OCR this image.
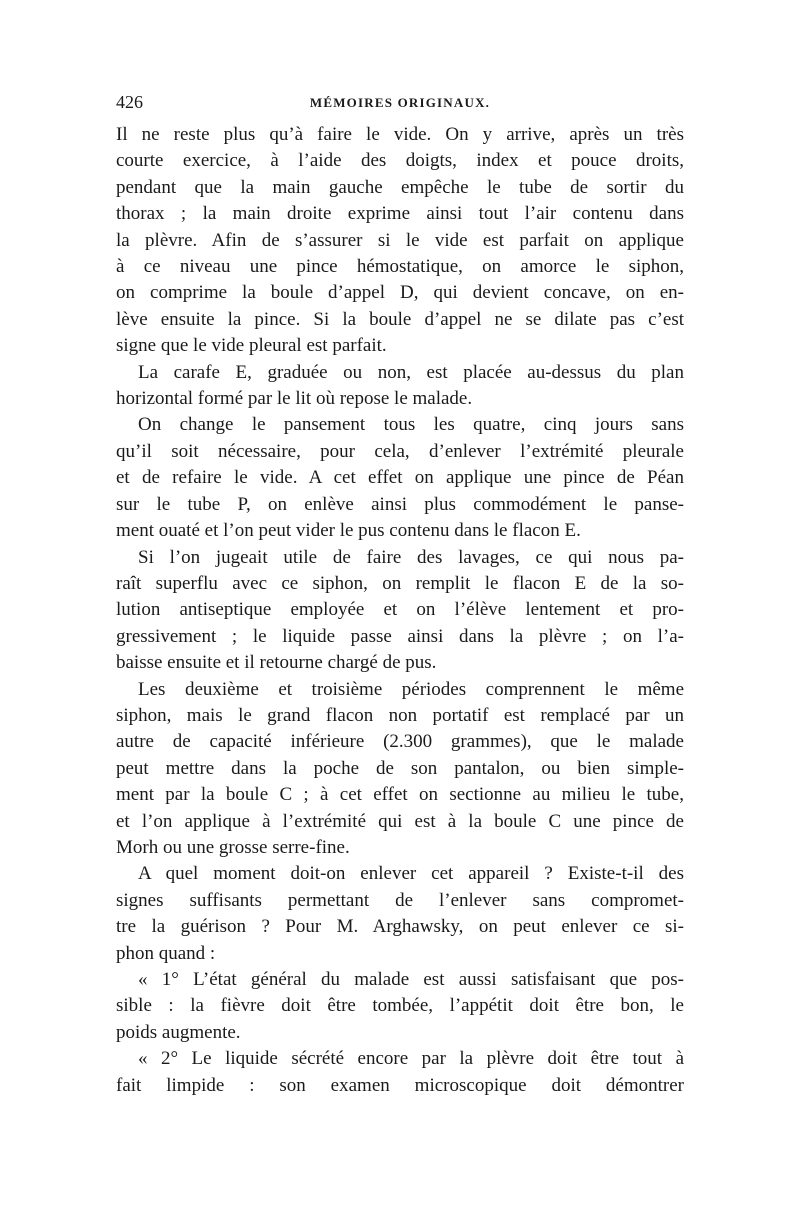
426	MÉMOIRES ORIGINAUX.
Il ne reste plus qu’à faire le vide. On y arrive, après un très
courte exercice, à l’aide des doigts, index et pouce droits,
pendant que la main gauche empêche le tube de sortir du
thorax ; la main droite exprime ainsi tout l’air contenu dans
la plèvre. Afin de s’assurer si le vide est parfait on applique
à ce niveau une pince hémostatique, on amorce le siphon,
on comprime la boule d’appel D, qui devient concave, on en-
lève ensuite la pince. Si la boule d’appel ne se dilate pas c’est
signe que le vide pleural est parfait.
La carafe E, graduée ou non, est placée au-dessus du plan
horizontal formé par le lit où repose le malade.
On change le pansement tous les quatre, cinq jours sans
qu’il soit nécessaire, pour cela, d’enlever l’extrémité pleurale
et de refaire le vide. A cet effet on applique une pince de Péan
sur le tube P, on enlève ainsi plus commodément le panse-
ment ouaté et l’on peut vider le pus contenu dans le flacon E.
Si l’on jugeait utile de faire des lavages, ce qui nous pa-
raît superflu avec ce siphon, on remplit le flacon E de la so-
lution antiseptique employée et on l’élève lentement et pro-
gressivement ; le liquide passe ainsi dans la plèvre ; on l’a-
baisse ensuite et il retourne chargé de pus.
Les deuxième et troisième périodes comprennent le même
siphon, mais le grand flacon non portatif est remplacé par un
autre de capacité inférieure (2.300 grammes), que le malade
peut mettre dans la poche de son pantalon, ou bien simple-
ment par la boule C ; à cet effet on sectionne au milieu le tube,
et l’on applique à l’extrémité qui est à la boule C une pince de
Morh ou une grosse serre-fine.
A quel moment doit-on enlever cet appareil ? Existe-t-il des
signes suffisants permettant de l’enlever sans compromet-
tre la guérison ? Pour M. Arghawsky, on peut enlever ce si-
phon quand :
« 1° L’état général du malade est aussi satisfaisant que pos-
sible : la fièvre doit être tombée, l’appétit doit être bon, le
poids augmente.
« 2° Le liquide sécrété encore par la plèvre doit être tout à
fait limpide : son examen microscopique doit démontrer
